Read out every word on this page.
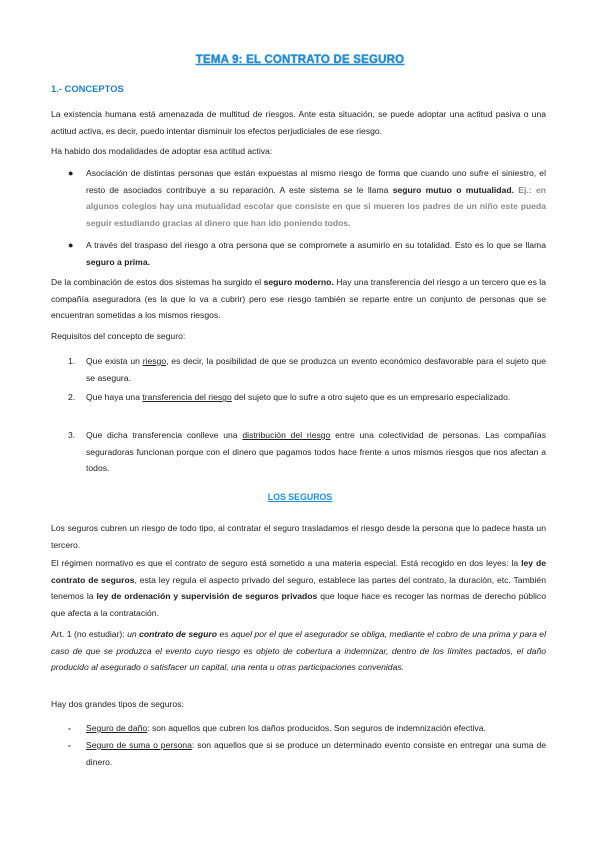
TEMA 9: EL CONTRATO DE SEGURO
1.- CONCEPTOS

La existencia humana está amenazada de multitud de riesgos. Ante esta situación, se puede adoptar una actitud pasiva o una actitud activa, es decir, puedo intentar disminuir los efectos perjudiciales de ese riesgo.

Ha habido dos modalidades de adoptar esa actitud activa:

● Asociación de distintas personas que están expuestas al mismo riesgo de forma que cuando uno sufre el siniestro, el resto de asociados contribuye a su reparación. A este sistema se le llama seguro mutuo o mutualidad. Ej.: en algunos colegios hay una mutualidad escolar que consiste en que si mueren los padres de un niño este pueda seguir estudiando gracias al dinero que han ido poniendo todos.

● A través del traspaso del riesgo a otra persona que se compromete a asumirlo en su totalidad. Esto es lo que se llama seguro a prima.

De la combinación de estos dos sistemas ha surgido el seguro moderno. Hay una transferencia del riesgo a un tercero que es la compañía aseguradora (es la que lo va a cubrir) pero ese riesgo también se reparte entre un conjunto de personas que se encuentran sometidas a los mismos riesgos.

Requisitos del concepto de seguro:

1. Que exista un riesgo, es decir, la posibilidad de que se produzca un evento económico desfavorable para el sujeto que se asegura.

2. Que haya una transferencia del riesgo del sujeto que lo sufre a otro sujeto que es un empresario especializado.

3. Que dicha transferencia conlleve una distribución del riesgo entre una colectividad de personas. Las compañías seguradoras funcionan porque con el dinero que pagamos todos hace frente a unos mismos riesgos que nos afectan a todos.

LOS SEGUROS

Los seguros cubren un riesgo de todo tipo, al contratar el seguro trasladamos el riesgo desde la persona que lo padece hasta un tercero.

El régimen normativo es que el contrato de seguro está sometido a una materia especial. Está recogido en dos leyes: la ley de contrato de seguros, esta ley regula el aspecto privado del seguro, establece las partes del contrato, la duración, etc. También tenemos la ley de ordenación y supervisión de seguros privados que loque hace es recoger las normas de derecho público que afecta a la contratación.

Art. 1 (no estudiar): un contrato de seguro es aquel por el que el asegurador se obliga, mediante el cobro de una prima y para el caso de que se produzca el evento cuyo riesgo es objeto de cobertura a indemnizar, dentro de los límites pactados, el daño producido al asegurado o satisfacer un capital, una renta u otras participaciones convenidas.

Hay dos grandes tipos de seguros:

- Seguro de daño: son aquellos que cubren los daños producidos. Son seguros de indemnización efectiva.

- Seguro de suma o persona: son aquellos que si se produce un determinado evento consiste en entregar una suma de dinero.
